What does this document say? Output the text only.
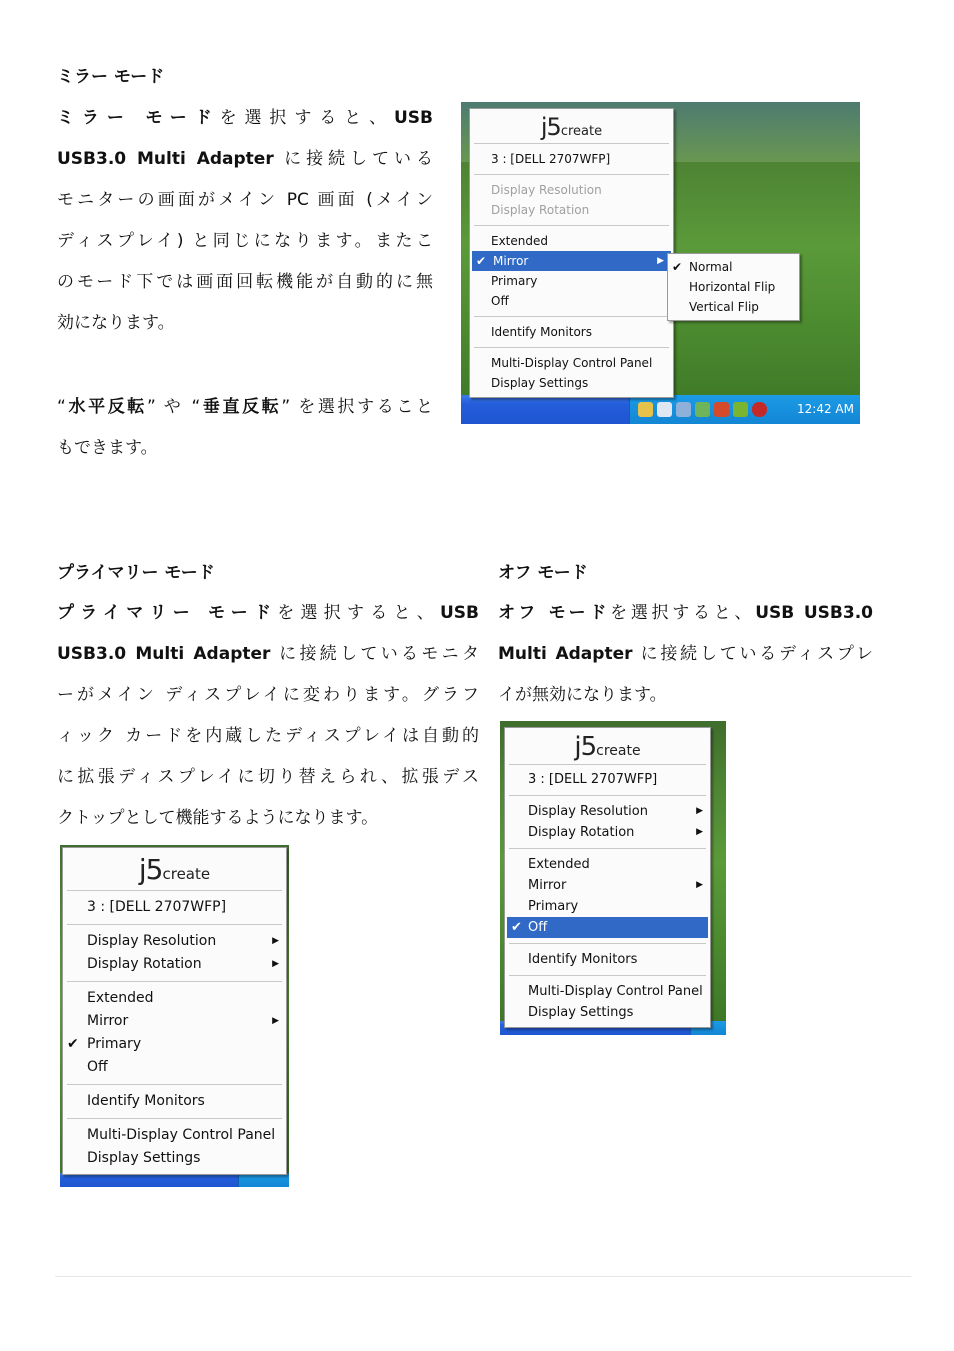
ミラー モード
ミラー モードを選択すると、USB
USB3.0 Multi Adapter に接続している
モニターの画面がメイン PC 画面 (メイン
ディスプレイ) と同じになります。またこ
のモード下では画面回転機能が自動的に無
効になります。
“水平反転” や “垂直反転” を選択すること
もできます。
12:42 AM
j5create
3 : [DELL 2707WFP]
Display Resolution
Display Rotation
Extended
✔ Mirror	▶
Primary
Off
Identify Monitors
Multi-Display Control Panel
Display Settings
✔ Normal
Horizontal Flip
Vertical Flip
プライマリー モード
プライマリー モードを選択すると、USB
USB3.0 Multi Adapter に接続しているモニタ
ーがメイン ディスプレイに変わります。グラフ
ィック カードを内蔵したディスプレイは自動的
に拡張ディスプレイに切り替えられ、拡張デス
クトップとして機能するようになります。
j5create
3 : [DELL 2707WFP]
Display Resolution	▶
Display Rotation	▶
Extended
Mirror	▶
✔ Primary
Off
Identify Monitors
Multi-Display Control Panel
Display Settings
オフ モード
オフ モードを選択すると、USB USB3.0
Multi Adapter に接続しているディスプレ
イが無効になります。
j5create
3 : [DELL 2707WFP]
Display Resolution	▶
Display Rotation	▶
Extended
Mirror	▶
Primary
✔ Off
Identify Monitors
Multi-Display Control Panel
Display Settings
